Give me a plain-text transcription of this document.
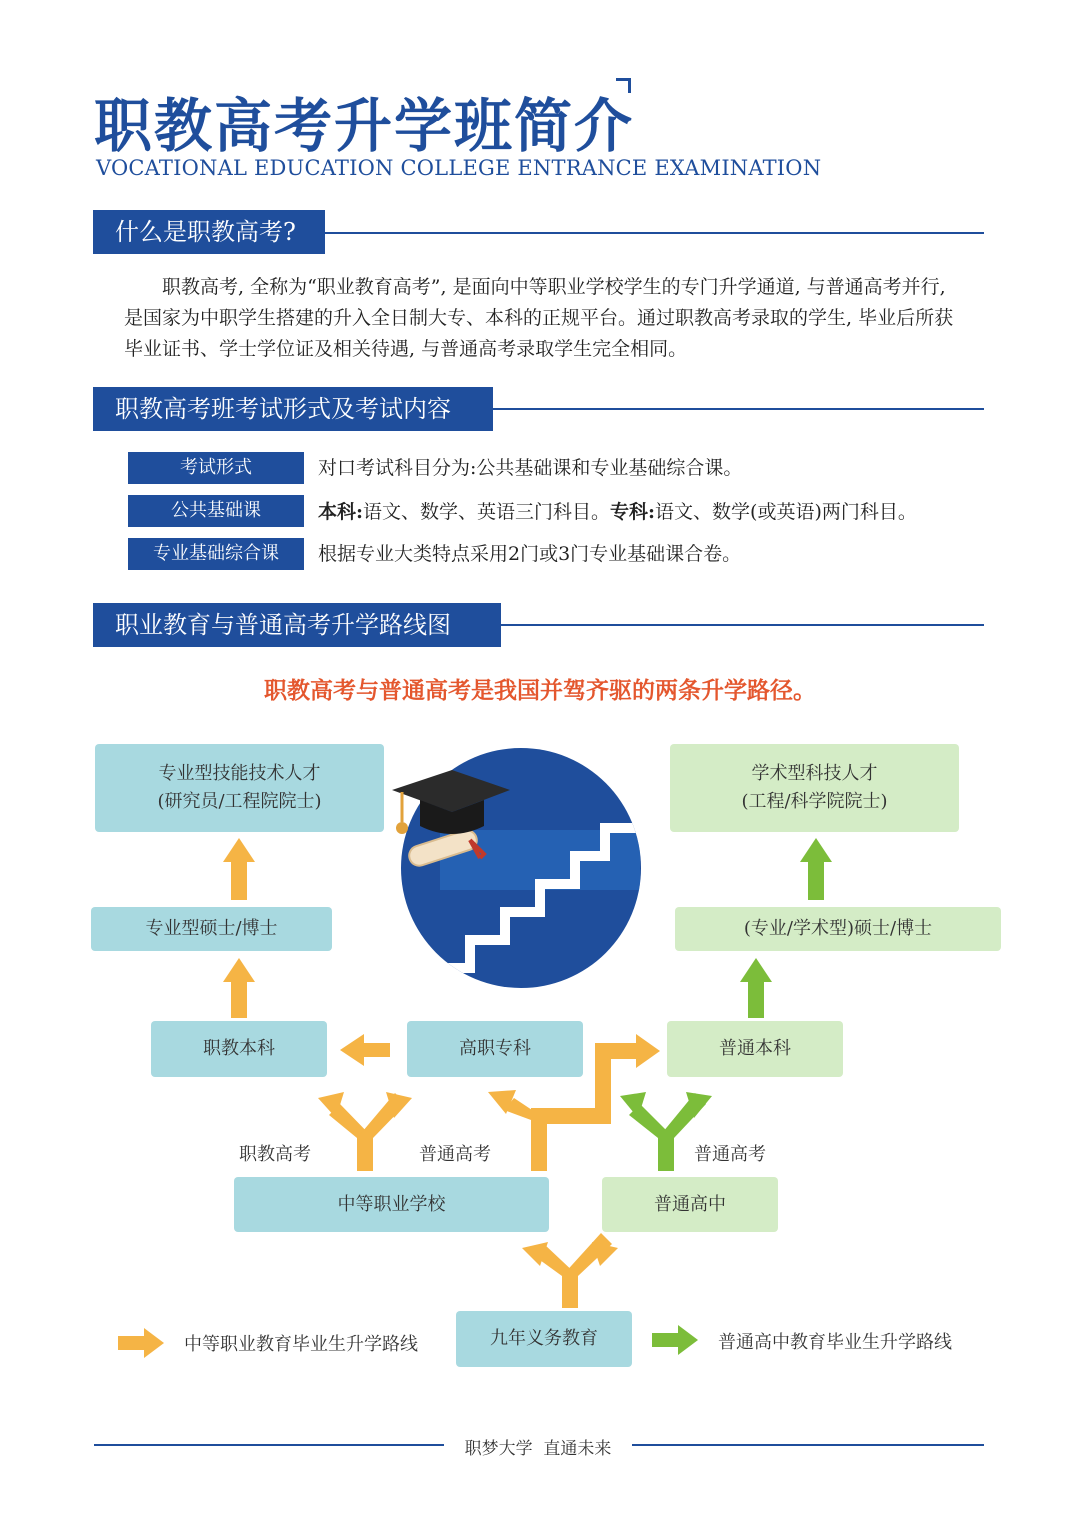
职教高考升学班简介
VOCATIONAL EDUCATION COLLEGE ENTRANCE EXAMINATION
什么是职教高考?

职教高考, 全称为“职业教育高考”, 是面向中等职业学校学生的专门升学通道, 与普通高考并行, 是国家为中职学生搭建的升入全日制大专、本科的正规平台。通过职教高考录取的学生, 毕业后所获毕业证书、学士学位证及相关待遇, 与普通高考录取学生完全相同。

职教高考班考试形式及考试内容
考试形式	对口考试科目分为:公共基础课和专业基础综合课。
公共基础课	本科:语文、数学、英语三门科目。专科:语文、数学(或英语)两门科目。
专业基础综合课	根据专业大类特点采用2门或3门专业基础课合卷。
职业教育与普通高考升学路线图
职教高考与普通高考是我国并驾齐驱的两条升学路径。
专业型技能技术人才
(研究员/工程院院士)
学术型科技人才
(工程/科学院院士)
专业型硕士/博士	(专业/学术型)硕士/博士
职教本科	高职专科	普通本科
职教高考	普通高考	普通高考
中等职业学校	普通高中
九年义务教育
中等职业教育毕业生升学路线	普通高中教育毕业生升学路线
职梦大学  直通未来
